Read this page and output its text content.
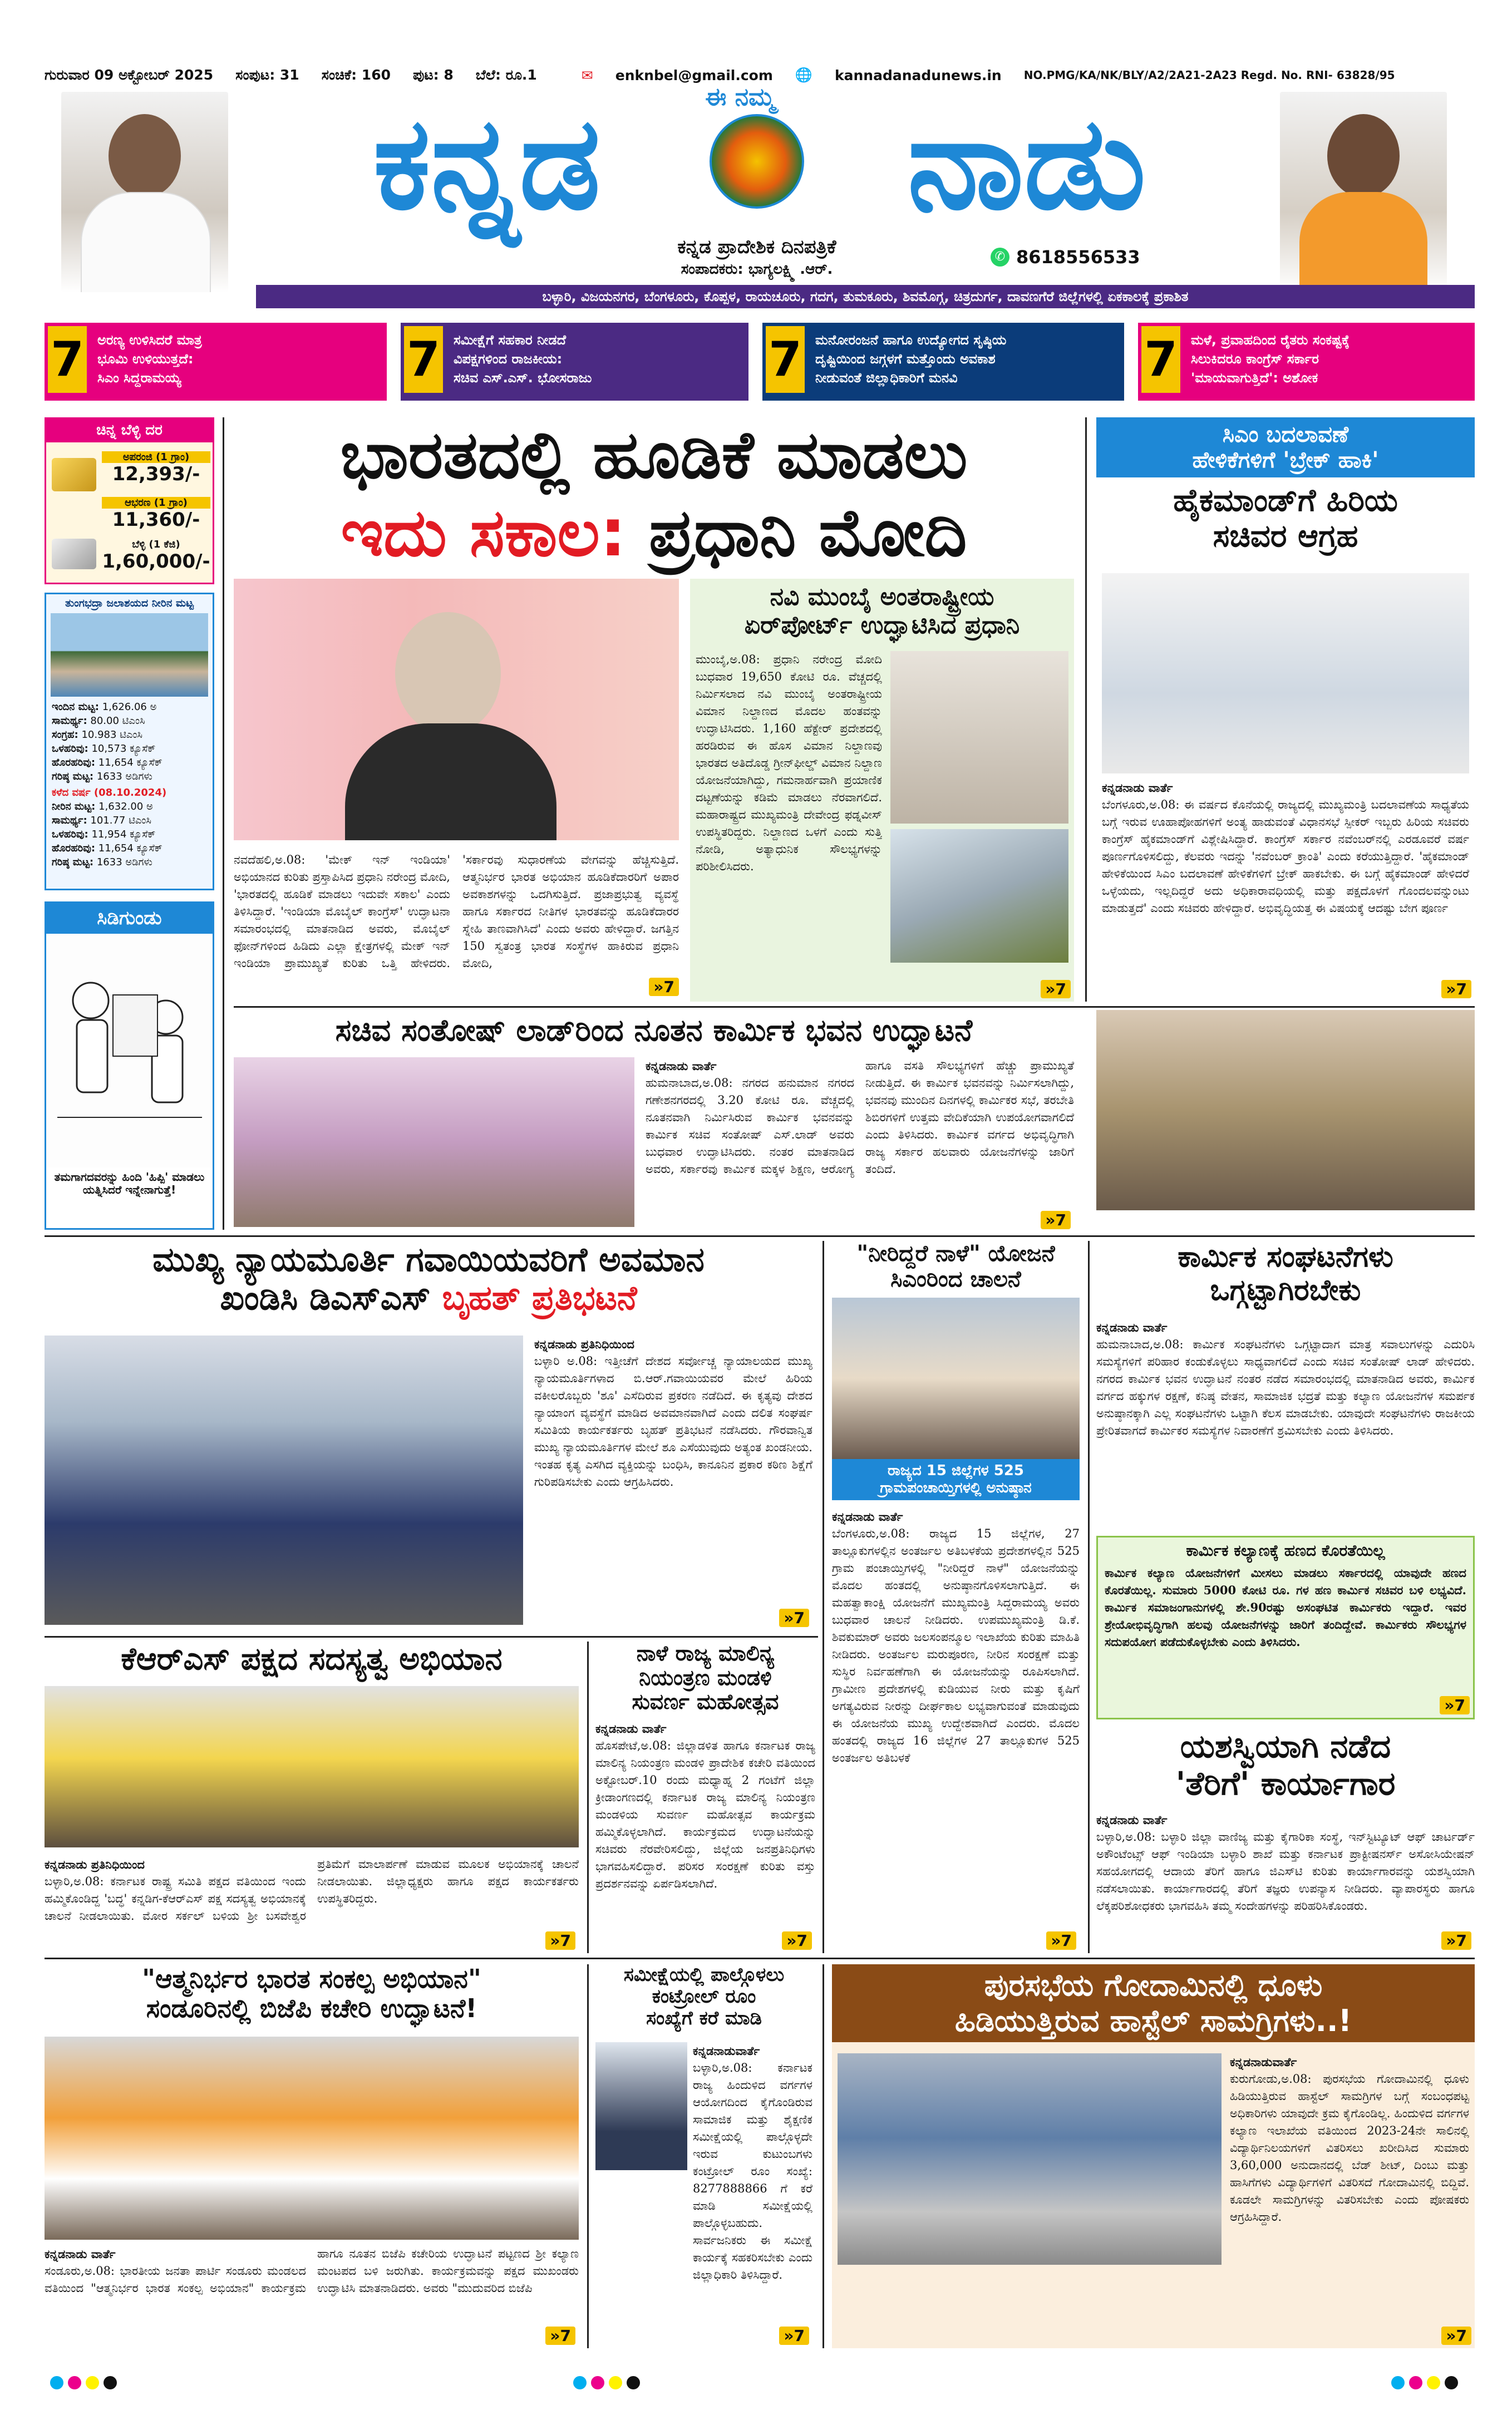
ಗುರುವಾರ 09 ಅಕ್ಟೋಬರ್ 2025 ಸಂಪುಟ: 31 ಸಂಚಿಕೆ: 160 ಪುಟ: 8 ಬೆಲೆ: ರೂ.1	✉ enknbel@gmail.com 🌐 kannadanadunews.in NO.PMG/KA/NK/BLY/A2/2A21-2A23 Regd. No. RNI- 63828/95
ಈ ನಮ್ಮ
ಕನ್ನಡ	ನಾಡು
ಕನ್ನಡ ಪ್ರಾದೇಶಿಕ ದಿನಪತ್ರಿಕೆ
ಸಂಪಾದಕರು: ಭಾಗ್ಯಲಕ್ಷ್ಮಿ .ಆರ್.
✆ 8618556533
ಬಳ್ಳಾರಿ, ವಿಜಯನಗರ, ಬೆಂಗಳೂರು, ಕೊಪ್ಪಳ, ರಾಯಚೂರು, ಗದಗ, ತುಮಕೂರು, ಶಿವಮೊಗ್ಗ, ಚಿತ್ರದುರ್ಗ, ದಾವಣಗೆರೆ ಜಿಲ್ಲೆಗಳಲ್ಲಿ ಏಕಕಾಲಕ್ಕೆ ಪ್ರಕಾಶಿತ
7 ಅರಣ್ಯ ಉಳಿಸಿದರೆ ಮಾತ್ರ
ಭೂಮಿ ಉಳಿಯುತ್ತದೆ:
ಸಿಎಂ ಸಿದ್ದರಾಮಯ್ಯ	7 ಸಮೀಕ್ಷೆಗೆ ಸಹಕಾರ ನೀಡದೆ
ವಿಪಕ್ಷಗಳಿಂದ ರಾಜಕೀಯ:
ಸಚಿವ ಎಸ್.ಎಸ್. ಭೋಸರಾಜು	7 ಮನೋರಂಜನೆ ಹಾಗೂ ಉದ್ಯೋಗದ ಸೃಷ್ಠಿಯ
ದೃಷ್ಟಿಯಿಂದ ಜಗ್ಗಳಗೆ ಮತ್ತೊಂದು ಅವಕಾಶ
ನೀಡುವಂತೆ ಜಿಲ್ಲಾಧಿಕಾರಿಗೆ ಮನವಿ	7 ಮಳೆ, ಪ್ರವಾಹದಿಂದ ರೈತರು ಸಂಕಷ್ಟಕ್ಕೆ
ಸಿಲುಕಿದರೂ ಕಾಂಗ್ರೆಸ್ ಸರ್ಕಾರ
'ಮಾಯವಾಗುತ್ತಿದೆ': ಅಶೋಕ
ಚಿನ್ನ ಬೆಳ್ಳಿ ದರ
ಅಪರಂಜಿ (1 ಗ್ರಾಂ)
12,393/-
ಆಭರಣ (1 ಗ್ರಾಂ)
11,360/-
ಬೆಳ್ಳಿ (1 ಕೆಜಿ)
1,60,000/-
ತುಂಗಭದ್ರಾ ಜಲಾಶಯದ ನೀರಿನ ಮಟ್ಟ
ಇಂದಿನ ಮಟ್ಟ: 1,626.06 ಅ
ಸಾಮರ್ಥ್ಯ: 80.00 ಟಿಎಂಸಿ
ಸಂಗ್ರಹ: 10.983 ಟಿಎಂಸಿ
ಒಳಹರಿವು: 10,573 ಕ್ಯೂಸೆಕ್
ಹೊರಹರಿವು: 11,654 ಕ್ಯೂಸೆಕ್
ಗರಿಷ್ಠ ಮಟ್ಟ: 1633 ಅಡಿಗಳು
ಕಳೆದ ವರ್ಷ (08.10.2024)
ನೀರಿನ ಮಟ್ಟ: 1,632.00 ಅ
ಸಾಮರ್ಥ್ಯ: 101.77 ಟಿಎಂಸಿ
ಒಳಹರಿವು: 11,954 ಕ್ಯೂಸೆಕ್
ಹೊರಹರಿವು: 11,654 ಕ್ಯೂಸೆಕ್
ಗರಿಷ್ಠ ಮಟ್ಟ: 1633 ಅಡಿಗಳು
ಸಿಡಿಗುಂಡು
ತಮಗಾಗದವರನ್ನು ಹಿಂದಿ 'ಹಿಪ್ಪಿ' ಮಾಡಲು ಯತ್ನಿಸಿದರೆ ಇನ್ನೇನಾಗುತ್ತೆ!
ಭಾರತದಲ್ಲಿ ಹೂಡಿಕೆ ಮಾಡಲು
ಇದು ಸಕಾಲ: ಪ್ರಧಾನಿ ಮೋದಿ
ನವದೆಹಲಿ,ಅ.08: 'ಮೇಕ್ ಇನ್ ಇಂಡಿಯಾ' ಅಭಿಯಾನದ ಕುರಿತು ಪ್ರಸ್ತಾಪಿಸಿದ ಪ್ರಧಾನಿ ನರೇಂದ್ರ ಮೋದಿ, 'ಭಾರತದಲ್ಲಿ ಹೂಡಿಕೆ ಮಾಡಲು ಇದುವೇ ಸಕಾಲ' ಎಂದು ತಿಳಿಸಿದ್ದಾರೆ. 'ಇಂಡಿಯಾ ಮೊಬೈಲ್ ಕಾಂಗ್ರೆಸ್' ಉದ್ಘಾಟನಾ ಸಮಾರಂಭದಲ್ಲಿ ಮಾತನಾಡಿದ ಅವರು, ಮೊಬೈಲ್ ಫೋನ್‌ಗಳಿಂದ ಹಿಡಿದು ಎಲ್ಲಾ ಕ್ಷೇತ್ರಗಳಲ್ಲಿ ಮೇಕ್ ಇನ್ ಇಂಡಿಯಾ ಪ್ರಾಮುಖ್ಯತೆ ಕುರಿತು ಒತ್ತಿ ಹೇಳಿದರು. 'ಸರ್ಕಾರವು ಸುಧಾರಣೆಯ ವೇಗವನ್ನು ಹೆಚ್ಚಿಸುತ್ತಿದೆ. ಆತ್ಮನಿರ್ಭರ ಭಾರತ ಅಭಿಯಾನ ಹೂಡಿಕೆದಾರರಿಗೆ ಅಪಾರ ಅವಕಾಶಗಳನ್ನು ಒದಗಿಸುತ್ತಿದೆ. ಪ್ರಜಾಪ್ರಭುತ್ವ ವ್ಯವಸ್ಥೆ ಹಾಗೂ ಸರ್ಕಾರದ ನೀತಿಗಳ ಭಾರತವನ್ನು ಹೂಡಿಕೆದಾರರ ಸ್ನೇಹಿ ತಾಣವಾಗಿಸಿದೆ' ಎಂದು ಅವರು ಹೇಳಿದ್ದಾರೆ. ಜಗತ್ತಿನ 150 ಸ್ವತಂತ್ರ ಭಾರತ ಸಂಸ್ಥೆಗಳ ಹಾಕಿರುವ ಪ್ರಧಾನಿ ಮೋದಿ,
»7
ನವಿ ಮುಂಬೈ ಅಂತರಾಷ್ಟ್ರೀಯ
ಏರ್‌ಪೋರ್ಟ್ ಉದ್ಘಾಟಿಸಿದ ಪ್ರಧಾನಿ
ಮುಂಬೈ,ಅ.08: ಪ್ರಧಾನಿ ನರೇಂದ್ರ ಮೋದಿ ಬುಧವಾರ 19,650 ಕೋಟಿ ರೂ. ವೆಚ್ಚದಲ್ಲಿ ನಿರ್ಮಿಸಲಾದ ನವಿ ಮುಂಬೈ ಅಂತರಾಷ್ಟ್ರೀಯ ವಿಮಾನ ನಿಲ್ದಾಣದ ಮೊದಲ ಹಂತವನ್ನು ಉದ್ಘಾಟಿಸಿದರು. 1,160 ಹೆಕ್ಟೇರ್ ಪ್ರದೇಶದಲ್ಲಿ ಹರಡಿರುವ ಈ ಹೊಸ ವಿಮಾನ ನಿಲ್ದಾಣವು ಭಾರತದ ಅತಿದೊಡ್ಡ ಗ್ರೀನ್‌ಫೀಲ್ಡ್ ವಿಮಾನ ನಿಲ್ದಾಣ ಯೋಜನೆಯಾಗಿದ್ದು, ಗಮನಾರ್ಹವಾಗಿ ಪ್ರಯಾಣಿಕ ದಟ್ಟಣೆಯನ್ನು ಕಡಿಮೆ ಮಾಡಲು ನೆರವಾಗಲಿದೆ. ಮಹಾರಾಷ್ಟ್ರದ ಮುಖ್ಯಮಂತ್ರಿ ದೇವೇಂದ್ರ ಫಡ್ನವೀಸ್ ಉಪಸ್ಥಿತರಿದ್ದರು. ನಿಲ್ದಾಣದ ಒಳಗೆ ಎಂದು ಸುತ್ತಿ ನೋಡಿ, ಅತ್ಯಾಧುನಿಕ ಸೌಲಭ್ಯಗಳನ್ನು ಪರಿಶೀಲಿಸಿದರು.
»7
ಸಿಎಂ ಬದಲಾವಣೆ
ಹೇಳಿಕೆಗಳಿಗೆ 'ಬ್ರೇಕ್ ಹಾಕಿ'
ಹೈಕಮಾಂಡ್‌ಗೆ ಹಿರಿಯ
ಸಚಿವರ ಆಗ್ರಹ
ಕನ್ನಡನಾಡು ವಾರ್ತೆ
ಬೆಂಗಳೂರು,ಅ.08: ಈ ವರ್ಷದ ಕೊನೆಯಲ್ಲಿ ರಾಜ್ಯದಲ್ಲಿ ಮುಖ್ಯಮಂತ್ರಿ ಬದಲಾವಣೆಯ ಸಾಧ್ಯತೆಯ ಬಗ್ಗೆ ಇರುವ ಊಹಾಪೋಹಗಳಿಗೆ ಅಂತ್ಯ ಹಾಡುವಂತೆ ವಿಧಾನಸಭೆ ಸ್ಪೀಕರ್ ಇಬ್ಬರು ಹಿರಿಯ ಸಚಿವರು ಕಾಂಗ್ರೆಸ್ ಹೈಕಮಾಂಡ್‌ಗೆ ವಿಶ್ಲೇಷಿಸಿದ್ದಾರೆ. ಕಾಂಗ್ರೆಸ್ ಸರ್ಕಾರ ನವೆಂಬರ್‌ನಲ್ಲಿ ಎರಡೂವರೆ ವರ್ಷ ಪೂರ್ಣಗೊಳಿಸಲಿದ್ದು, ಕೆಲವರು ಇದನ್ನು 'ನವೆಂಬರ್ ಕ್ರಾಂತಿ' ಎಂದು ಕರೆಯುತ್ತಿದ್ದಾರೆ. 'ಹೈಕಮಾಂಡ್ ಹೇಳಿಕೆಯಿಂದ ಸಿಎಂ ಬದಲಾವಣೆ ಹೇಳಿಕೆಗಳಿಗೆ ಬ್ರೇಕ್ ಹಾಕಬೇಕು. ಈ ಬಗ್ಗೆ ಹೈಕಮಾಂಡ್ ಹೇಳಿದರೆ ಒಳ್ಳೆಯದು, ಇಲ್ಲದಿದ್ದರೆ ಅದು ಅಧಿಕಾರಾವಧಿಯಲ್ಲಿ ಮತ್ತು ಪಕ್ಷದೊಳಗೆ ಗೊಂದಲವನ್ನುಂಟು ಮಾಡುತ್ತದೆ' ಎಂದು ಸಚಿವರು ಹೇಳಿದ್ದಾರೆ. ಅಭಿವೃದ್ಧಿಯತ್ತ ಈ ವಿಷಯಕ್ಕೆ ಆದಷ್ಟು ಬೇಗ ಪೂರ್ಣ
»7
ಸಚಿವ ಸಂತೋಷ್ ಲಾಡ್‌ರಿಂದ ನೂತನ ಕಾರ್ಮಿಕ ಭವನ ಉದ್ಘಾಟನೆ
ಕನ್ನಡನಾಡು ವಾರ್ತೆ
ಹುಮನಾಬಾದ,ಅ.08: ನಗರದ ಹನುಮಾನ ನಗರದ ಗಣೇಶನಗರದಲ್ಲಿ 3.20 ಕೋಟಿ ರೂ. ವೆಚ್ಚದಲ್ಲಿ ನೂತನವಾಗಿ ನಿರ್ಮಿಸಿರುವ ಕಾರ್ಮಿಕ ಭವನವನ್ನು ಕಾರ್ಮಿಕ ಸಚಿವ ಸಂತೋಷ್ ಎಸ್.ಲಾಡ್ ಅವರು ಬುಧವಾರ ಉದ್ಘಾಟಿಸಿದರು. ನಂತರ ಮಾತನಾಡಿದ ಅವರು, ಸರ್ಕಾರವು ಕಾರ್ಮಿಕ ಮಕ್ಕಳ ಶಿಕ್ಷಣ, ಆರೋಗ್ಯ ಹಾಗೂ ವಸತಿ ಸೌಲಭ್ಯಗಳಿಗೆ ಹೆಚ್ಚು ಪ್ರಾಮುಖ್ಯತೆ ನೀಡುತ್ತಿದೆ. ಈ ಕಾರ್ಮಿಕ ಭವನವನ್ನು ನಿರ್ಮಿಸಲಾಗಿದ್ದು, ಭವನವು ಮುಂದಿನ ದಿನಗಳಲ್ಲಿ ಕಾರ್ಮಿಕರ ಸಭೆ, ತರಬೇತಿ ಶಿಬಿರಗಳಿಗೆ ಉತ್ತಮ ವೇದಿಕೆಯಾಗಿ ಉಪಯೋಗವಾಗಲಿದೆ ಎಂದು ತಿಳಿಸಿದರು. ಕಾರ್ಮಿಕ ವರ್ಗದ ಅಭಿವೃದ್ಧಿಗಾಗಿ ರಾಜ್ಯ ಸರ್ಕಾರ ಹಲವಾರು ಯೋಜನೆಗಳನ್ನು ಜಾರಿಗೆ ತಂದಿದೆ.
»7
ಮುಖ್ಯ ನ್ಯಾಯಮೂರ್ತಿ ಗವಾಯಿಯವರಿಗೆ ಅವಮಾನ
ಖಂಡಿಸಿ ಡಿಎಸ್‌ಎಸ್ ಬೃಹತ್ ಪ್ರತಿಭಟನೆ
ಕನ್ನಡನಾಡು ಪ್ರತಿನಿಧಿಯಿಂದ
ಬಳ್ಳಾರಿ ಅ.08: ಇತ್ತೀಚೆಗೆ ದೇಶದ ಸರ್ವೋಚ್ಚ ನ್ಯಾಯಾಲಯದ ಮುಖ್ಯ ನ್ಯಾಯಮೂರ್ತಿಗಳಾದ ಬಿ.ಆರ್.ಗವಾಯಿಯವರ ಮೇಲೆ ಹಿರಿಯ ವಕೀಲರೊಬ್ಬರು 'ಶೂ' ಎಸೆದಿರುವ ಪ್ರಕರಣ ನಡೆದಿದೆ. ಈ ಕೃತ್ಯವು ದೇಶದ ನ್ಯಾಯಾಂಗ ವ್ಯವಸ್ಥೆಗೆ ಮಾಡಿದ ಅವಮಾನವಾಗಿದೆ ಎಂದು ದಲಿತ ಸಂಘರ್ಷ ಸಮಿತಿಯ ಕಾರ್ಯಕರ್ತರು ಬೃಹತ್ ಪ್ರತಿಭಟನೆ ನಡೆಸಿದರು. ಗೌರವಾನ್ವಿತ ಮುಖ್ಯ ನ್ಯಾಯಮೂರ್ತಿಗಳ ಮೇಲೆ ಶೂ ಎಸೆಯುವುದು ಅತ್ಯಂತ ಖಂಡನೀಯ. ಇಂತಹ ಕೃತ್ಯ ಎಸಗಿದ ವ್ಯಕ್ತಿಯನ್ನು ಬಂಧಿಸಿ, ಕಾನೂನಿನ ಪ್ರಕಾರ ಕಠಿಣ ಶಿಕ್ಷೆಗೆ ಗುರಿಪಡಿಸಬೇಕು ಎಂದು ಆಗ್ರಹಿಸಿದರು.
»7
"ನೀರಿದ್ದರೆ ನಾಳೆ" ಯೋಜನೆ
ಸಿಎಂರಿಂದ ಚಾಲನೆ
ರಾಜ್ಯದ 15 ಜಿಲ್ಲೆಗಳ 525
ಗ್ರಾಮಪಂಚಾಯ್ತಿಗಳಲ್ಲಿ ಅನುಷ್ಠಾನ
ಕನ್ನಡನಾಡು ವಾರ್ತೆ
ಬೆಂಗಳೂರು,ಅ.08: ರಾಜ್ಯದ 15 ಜಿಲ್ಲೆಗಳ, 27 ತಾಲ್ಲೂಕುಗಳಲ್ಲಿನ ಅಂತರ್ಜಲ ಅತಿಬಳಕೆಯ ಪ್ರದೇಶಗಳಲ್ಲಿನ 525 ಗ್ರಾಮ ಪಂಚಾಯ್ತಿಗಳಲ್ಲಿ "ನೀರಿದ್ದರೆ ನಾಳೆ" ಯೋಜನೆಯನ್ನು ಮೊದಲ ಹಂತದಲ್ಲಿ ಅನುಷ್ಠಾನಗೊಳಿಸಲಾಗುತ್ತಿದೆ. ಈ ಮಹತ್ವಾಕಾಂಕ್ಷಿ ಯೋಜನೆಗೆ ಮುಖ್ಯಮಂತ್ರಿ ಸಿದ್ದರಾಮಯ್ಯ ಅವರು ಬುಧವಾರ ಚಾಲನೆ ನೀಡಿದರು. ಉಪಮುಖ್ಯಮಂತ್ರಿ ಡಿ.ಕೆ. ಶಿವಕುಮಾರ್ ಅವರು ಜಲಸಂಪನ್ಮೂಲ ಇಲಾಖೆಯ ಕುರಿತು ಮಾಹಿತಿ ನೀಡಿದರು. ಅಂತರ್ಜಲ ಮರುಪೂರಣ, ನೀರಿನ ಸಂರಕ್ಷಣೆ ಮತ್ತು ಸುಸ್ಥಿರ ನಿರ್ವಹಣೆಗಾಗಿ ಈ ಯೋಜನೆಯನ್ನು ರೂಪಿಸಲಾಗಿದೆ. ಗ್ರಾಮೀಣ ಪ್ರದೇಶಗಳಲ್ಲಿ ಕುಡಿಯುವ ನೀರು ಮತ್ತು ಕೃಷಿಗೆ ಅಗತ್ಯವಿರುವ ನೀರನ್ನು ದೀರ್ಘಕಾಲ ಲಭ್ಯವಾಗುವಂತೆ ಮಾಡುವುದು ಈ ಯೋಜನೆಯ ಮುಖ್ಯ ಉದ್ದೇಶವಾಗಿದೆ ಎಂದರು. ಮೊದಲ ಹಂತದಲ್ಲಿ ರಾಜ್ಯದ 16 ಜಿಲ್ಲೆಗಳ 27 ತಾಲ್ಲೂಕುಗಳ 525 ಅಂತರ್ಜಲ ಅತಿಬಳಕೆ
»7
ಕಾರ್ಮಿಕ ಸಂಘಟನೆಗಳು
ಒಗ್ಗಟ್ಟಾಗಿರಬೇಕು
ಕನ್ನಡನಾಡು ವಾರ್ತೆ
ಹುಮನಾಬಾದ,ಅ.08: ಕಾರ್ಮಿಕ ಸಂಘಟನೆಗಳು ಒಗ್ಗಟ್ಟಾದಾಗ ಮಾತ್ರ ಸವಾಲುಗಳನ್ನು ಎದುರಿಸಿ ಸಮಸ್ಯೆಗಳಿಗೆ ಪರಿಹಾರ ಕಂಡುಕೊಳ್ಳಲು ಸಾಧ್ಯವಾಗಲಿದೆ ಎಂದು ಸಚಿವ ಸಂತೋಷ್ ಲಾಡ್ ಹೇಳಿದರು. ನಗರದ ಕಾರ್ಮಿಕ ಭವನ ಉದ್ಘಾಟನೆ ನಂತರ ನಡೆದ ಸಮಾರಂಭದಲ್ಲಿ ಮಾತನಾಡಿದ ಅವರು, ಕಾರ್ಮಿಕ ವರ್ಗದ ಹಕ್ಕುಗಳ ರಕ್ಷಣೆ, ಕನಿಷ್ಠ ವೇತನ, ಸಾಮಾಜಿಕ ಭದ್ರತೆ ಮತ್ತು ಕಲ್ಯಾಣ ಯೋಜನೆಗಳ ಸಮರ್ಪಕ ಅನುಷ್ಠಾನಕ್ಕಾಗಿ ಎಲ್ಲ ಸಂಘಟನೆಗಳು ಒಟ್ಟಾಗಿ ಕೆಲಸ ಮಾಡಬೇಕು. ಯಾವುದೇ ಸಂಘಟನೆಗಳು ರಾಜಕೀಯ ಪ್ರೇರಿತವಾಗದೆ ಕಾರ್ಮಿಕರ ಸಮಸ್ಯೆಗಳ ನಿವಾರಣೆಗೆ ಶ್ರಮಿಸಬೇಕು ಎಂದು ತಿಳಿಸಿದರು.
ಕಾರ್ಮಿಕ ಕಲ್ಯಾಣಕ್ಕೆ ಹಣದ ಕೊರತೆಯಿಲ್ಲ
ಕಾರ್ಮಿಕ ಕಲ್ಯಾಣ ಯೋಜನೆಗಳಿಗೆ ಮೀಸಲು ಮಾಡಲು ಸರ್ಕಾರದಲ್ಲಿ ಯಾವುದೇ ಹಣದ ಕೊರತೆಯಿಲ್ಲ. ಸುಮಾರು 5000 ಕೋಟಿ ರೂ. ಗಳ ಹಣ ಕಾರ್ಮಿಕ ಸಚಿವರ ಬಳಿ ಲಭ್ಯವಿದೆ. ಕಾರ್ಮಿಕ ಸಮಾಜಂಗಾನುಗಳಲ್ಲಿ ಶೇ.90ರಷ್ಟು ಅಸಂಘಟಿತ ಕಾರ್ಮಿಕರು ಇದ್ದಾರೆ. ಇವರ ಶ್ರೇಯೋಭಿವೃದ್ಧಿಗಾಗಿ ಹಲವು ಯೋಜನೆಗಳನ್ನು ಜಾರಿಗೆ ತಂದಿದ್ದೇವೆ. ಕಾರ್ಮಿಕರು ಸೌಲಭ್ಯಗಳ ಸದುಪಯೋಗ ಪಡೆದುಕೊಳ್ಳಬೇಕು ಎಂದು ತಿಳಿಸಿದರು.
»7
ಯಶಸ್ವಿಯಾಗಿ ನಡೆದ
'ತೆರಿಗೆ' ಕಾರ್ಯಾಗಾರ
ಕನ್ನಡನಾಡು ವಾರ್ತೆ
ಬಳ್ಳಾರಿ,ಅ.08: ಬಳ್ಳಾರಿ ಜಿಲ್ಲಾ ವಾಣಿಜ್ಯ ಮತ್ತು ಕೈಗಾರಿಕಾ ಸಂಸ್ಥೆ, ಇನ್‌ಸ್ಟಿಟ್ಯೂಟ್ ಆಫ್ ಚಾರ್ಟರ್ಡ್ ಅಕೌಂಟೆಂಟ್ಸ್ ಆಫ್ ಇಂಡಿಯಾ ಬಳ್ಳಾರಿ ಶಾಖೆ ಮತ್ತು ಕರ್ನಾಟಕ ಪ್ರಾಕ್ಟೀಷನರ್ಸ್ ಅಸೋಸಿಯೇಷನ್ ಸಹಯೋಗದಲ್ಲಿ ಆದಾಯ ತೆರಿಗೆ ಹಾಗೂ ಜಿಎಸ್‌ಟಿ ಕುರಿತು ಕಾರ್ಯಾಗಾರವನ್ನು ಯಶಸ್ವಿಯಾಗಿ ನಡೆಸಲಾಯಿತು. ಕಾರ್ಯಾಗಾರದಲ್ಲಿ ತೆರಿಗೆ ತಜ್ಞರು ಉಪನ್ಯಾಸ ನೀಡಿದರು. ವ್ಯಾಪಾರಸ್ಥರು ಹಾಗೂ ಲೆಕ್ಕಪರಿಶೋಧಕರು ಭಾಗವಹಿಸಿ ತಮ್ಮ ಸಂದೇಹಗಳನ್ನು ಪರಿಹರಿಸಿಕೊಂಡರು.
»7
ಕೆಆರ್‌ಎಸ್ ಪಕ್ಷದ ಸದಸ್ಯತ್ವ ಅಭಿಯಾನ
ಕನ್ನಡನಾಡು ಪ್ರತಿನಿಧಿಯಿಂದ
ಬಳ್ಳಾರಿ,ಅ.08: ಕರ್ನಾಟಕ ರಾಷ್ಟ್ರ ಸಮಿತಿ ಪಕ್ಷದ ವತಿಯಿಂದ ಇಂದು ಹಮ್ಮಿಕೊಂಡಿದ್ದ 'ಬದ್ಧ' ಕನ್ನಡಿಗ-ಕೆಆರ್‌ಎಸ್ ಪಕ್ಷ ಸದಸ್ಯತ್ವ ಅಭಿಯಾನಕ್ಕೆ ಚಾಲನೆ ನೀಡಲಾಯಿತು. ಮೋರ ಸರ್ಕಲ್ ಬಳಿಯ ಶ್ರೀ ಬಸವೇಶ್ವರ ಪ್ರತಿಮೆಗೆ ಮಾಲಾರ್ಪಣೆ ಮಾಡುವ ಮೂಲಕ ಅಭಿಯಾನಕ್ಕೆ ಚಾಲನೆ ನೀಡಲಾಯಿತು. ಜಿಲ್ಲಾಧ್ಯಕ್ಷರು ಹಾಗೂ ಪಕ್ಷದ ಕಾರ್ಯಕರ್ತರು ಉಪಸ್ಥಿತರಿದ್ದರು.
»7
ನಾಳೆ ರಾಜ್ಯ ಮಾಲಿನ್ಯ
ನಿಯಂತ್ರಣ ಮಂಡಳಿ
ಸುವರ್ಣ ಮಹೋತ್ಸವ
ಕನ್ನಡನಾಡು ವಾರ್ತೆ
ಹೊಸಪೇಟೆ,ಅ.08: ಜಿಲ್ಲಾಡಳಿತ ಹಾಗೂ ಕರ್ನಾಟಕ ರಾಜ್ಯ ಮಾಲಿನ್ಯ ನಿಯಂತ್ರಣ ಮಂಡಳಿ ಪ್ರಾದೇಶಿಕ ಕಚೇರಿ ವತಿಯಿಂದ ಅಕ್ಟೋಬರ್.10 ರಂದು ಮಧ್ಯಾಹ್ನ 2 ಗಂಟೆಗೆ ಜಿಲ್ಲಾ ಕ್ರೀಡಾಂಗಣದಲ್ಲಿ ಕರ್ನಾಟಕ ರಾಜ್ಯ ಮಾಲಿನ್ಯ ನಿಯಂತ್ರಣ ಮಂಡಳಿಯ ಸುವರ್ಣ ಮಹೋತ್ಸವ ಕಾರ್ಯಕ್ರಮ ಹಮ್ಮಿಕೊಳ್ಳಲಾಗಿದೆ. ಕಾರ್ಯಕ್ರಮದ ಉದ್ಘಾಟನೆಯನ್ನು ಸಚಿವರು ನೆರವೇರಿಸಲಿದ್ದು, ಜಿಲ್ಲೆಯ ಜನಪ್ರತಿನಿಧಿಗಳು ಭಾಗವಹಿಸಲಿದ್ದಾರೆ. ಪರಿಸರ ಸಂರಕ್ಷಣೆ ಕುರಿತು ವಸ್ತು ಪ್ರದರ್ಶನವನ್ನು ಏರ್ಪಡಿಸಲಾಗಿದೆ.
»7
"ಆತ್ಮನಿರ್ಭರ ಭಾರತ ಸಂಕಲ್ಪ ಅಭಿಯಾನ"
ಸಂಡೂರಿನಲ್ಲಿ ಬಿಜೆಪಿ ಕಚೇರಿ ಉದ್ಘಾಟನೆ!
ಕನ್ನಡನಾಡು ವಾರ್ತೆ
ಸಂಡೂರು,ಅ.08: ಭಾರತೀಯ ಜನತಾ ಪಾರ್ಟಿ ಸಂಡೂರು ಮಂಡಲದ ವತಿಯಿಂದ "ಆತ್ಮನಿರ್ಭರ ಭಾರತ ಸಂಕಲ್ಪ ಅಭಿಯಾನ" ಕಾರ್ಯಕ್ರಮ ಹಾಗೂ ನೂತನ ಬಿಜೆಪಿ ಕಚೇರಿಯ ಉದ್ಘಾಟನೆ ಪಟ್ಟಣದ ಶ್ರೀ ಕಲ್ಯಾಣ ಮಂಟಪದ ಬಳಿ ಜರುಗಿತು. ಕಾರ್ಯಕ್ರಮವನ್ನು ಪಕ್ಷದ ಮುಖಂಡರು ಉದ್ಘಾಟಿಸಿ ಮಾತನಾಡಿದರು. ಅವರು "ಮುದುವರಿದ ಬಿಜೆಪಿ
»7
ಸಮೀಕ್ಷೆಯಲ್ಲಿ ಪಾಲ್ಗೊಳಲು
ಕಂಟ್ರೋಲ್ ರೂಂ
ಸಂಖ್ಯೆಗೆ ಕರೆ ಮಾಡಿ
ಕನ್ನಡನಾಡುವಾರ್ತೆ
ಬಳ್ಳಾರಿ,ಅ.08: ಕರ್ನಾಟಕ ರಾಜ್ಯ ಹಿಂದುಳಿದ ವರ್ಗಗಳ ಆಯೋಗದಿಂದ ಕೈಗೊಂಡಿರುವ ಸಾಮಾಜಿಕ ಮತ್ತು ಶೈಕ್ಷಣಿಕ ಸಮೀಕ್ಷೆಯಲ್ಲಿ ಪಾಲ್ಗೊಳ್ಳದೇ ಇರುವ ಕುಟುಂಬಗಳು ಕಂಟ್ರೋಲ್ ರೂಂ ಸಂಖ್ಯೆ: 8277888866 ಗೆ ಕರೆ ಮಾಡಿ ಸಮೀಕ್ಷೆಯಲ್ಲಿ ಪಾಲ್ಗೊಳ್ಳಬಹುದು. ಸಾರ್ವಜನಿಕರು ಈ ಸಮೀಕ್ಷೆ ಕಾರ್ಯಕ್ಕೆ ಸಹಕರಿಸಬೇಕು ಎಂದು ಜಿಲ್ಲಾಧಿಕಾರಿ ತಿಳಿಸಿದ್ದಾರೆ.
»7
ಪುರಸಭೆಯ ಗೋದಾಮಿನಲ್ಲಿ ಧೂಳು
ಹಿಡಿಯುತ್ತಿರುವ ಹಾಸ್ಟೆಲ್ ಸಾಮಗ್ರಿಗಳು..!
ಕನ್ನಡನಾಡುವಾರ್ತೆ
ಕುರುಗೋಡು,ಅ.08: ಪುರಸಭೆಯ ಗೋದಾಮಿನಲ್ಲಿ ಧೂಳು ಹಿಡಿಯುತ್ತಿರುವ ಹಾಸ್ಟೆಲ್ ಸಾಮಗ್ರಿಗಳ ಬಗ್ಗೆ ಸಂಬಂಧಪಟ್ಟ ಅಧಿಕಾರಿಗಳು ಯಾವುದೇ ಕ್ರಮ ಕೈಗೊಂಡಿಲ್ಲ. ಹಿಂದುಳಿದ ವರ್ಗಗಳ ಕಲ್ಯಾಣ ಇಲಾಖೆಯ ವತಿಯಿಂದ 2023-24ನೇ ಸಾಲಿನಲ್ಲಿ ವಿದ್ಯಾರ್ಥಿನಿಲಯಗಳಿಗೆ ವಿತರಿಸಲು ಖರೀದಿಸಿದ ಸುಮಾರು 3,60,000 ಅನುದಾನದಲ್ಲಿ ಬೆಡ್ ಶೀಟ್, ದಿಂಬು ಮತ್ತು ಹಾಸಿಗೆಗಳು ವಿದ್ಯಾರ್ಥಿಗಳಿಗೆ ವಿತರಿಸದೆ ಗೋದಾಮಿನಲ್ಲಿ ಬಿದ್ದಿವೆ. ಕೂಡಲೇ ಸಾಮಗ್ರಿಗಳನ್ನು ವಿತರಿಸಬೇಕು ಎಂದು ಪೋಷಕರು ಆಗ್ರಹಿಸಿದ್ದಾರೆ.
»7
